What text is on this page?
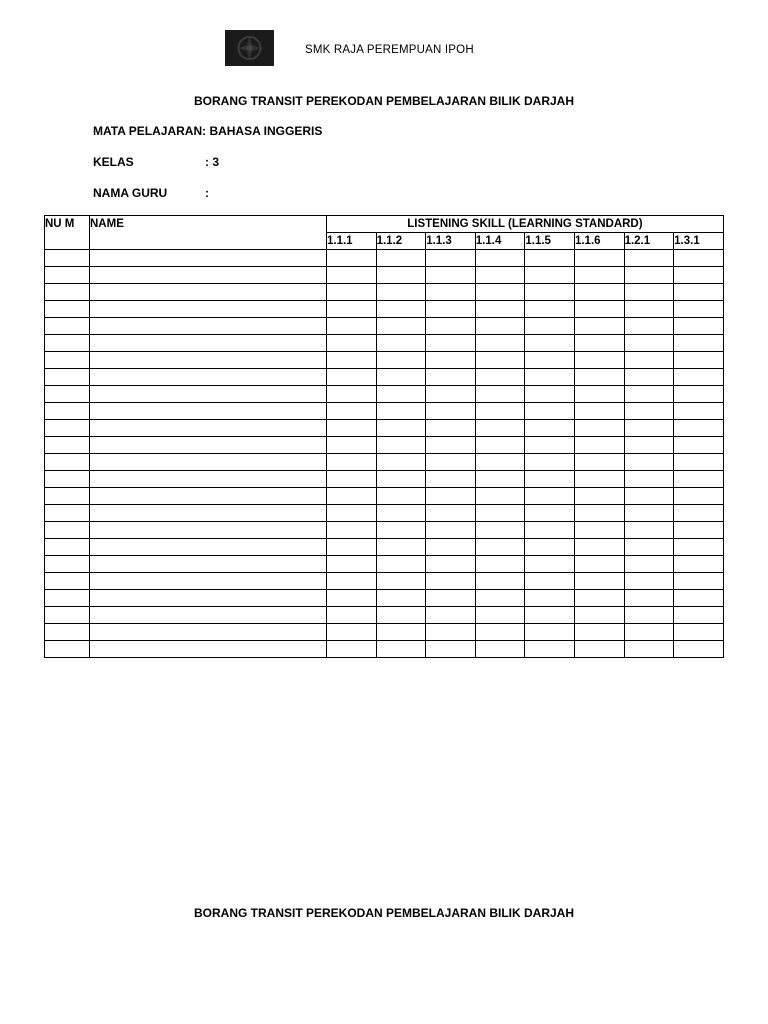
SMK RAJA PEREMPUAN IPOH
BORANG TRANSIT PEREKODAN PEMBELAJARAN BILIK DARJAH
MATA PELAJARAN: BAHASA INGGERIS
KELAS	: 3
NAMA GURU	:
NU M	NAME	LISTENING SKILL (LEARNING STANDARD)							
		1.1.1	1.1.2	1.1.3	1.1.4	1.1.5	1.1.6	1.2.1	1.3.1

BORANG TRANSIT PEREKODAN PEMBELAJARAN BILIK DARJAH
